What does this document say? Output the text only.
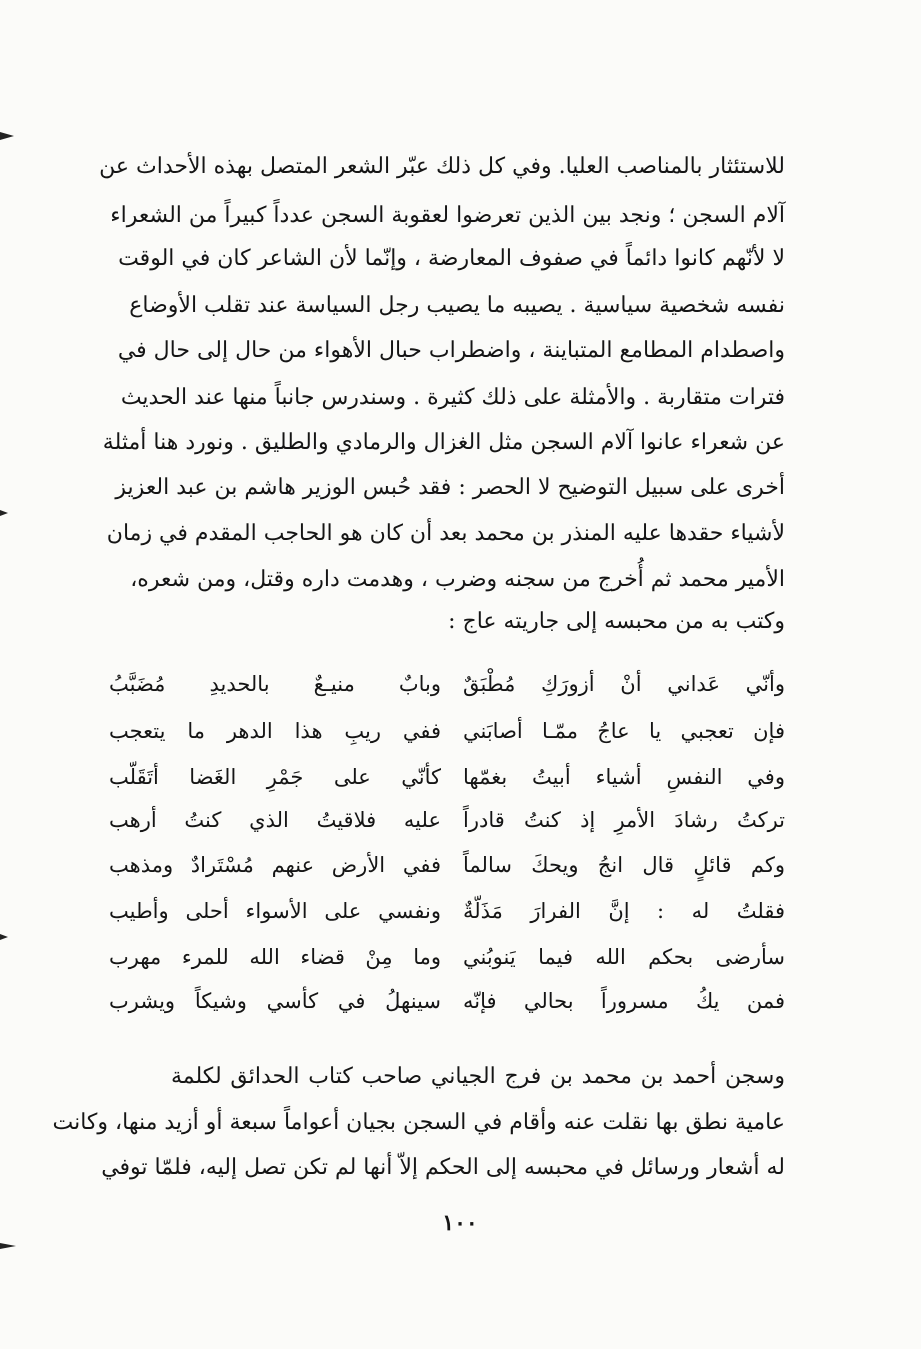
للاستئثار بالمناصب العليا. وفي كل ذلك عبّر الشعر المتصل بهذه الأحداث عن
آلام السجن ؛ ونجد بين الذين تعرضوا لعقوبة السجن عدداً كبيراً من الشعراء
لا لأنّهم كانوا دائماً في صفوف المعارضة ، وإنّما لأن الشاعر كان في الوقت
نفسه شخصية سياسية . يصيبه ما يصيب رجل السياسة عند تقلب الأوضاع
واصطدام المطامع المتباينة ، واضطراب حبال الأهواء من حال إلى حال في
فترات متقاربة . والأمثلة على ذلك كثيرة . وسندرس جانباً منها عند الحديث
عن شعراء عانوا آلام السجن مثل الغزال والرمادي والطليق . ونورد هنا أمثلة
أخرى على سبيل التوضيح لا الحصر : فقد حُبس الوزير هاشم بن عبد العزيز
لأشياء حقدها عليه المنذر بن محمد بعد أن كان هو الحاجب المقدم في زمان
الأمير محمد ثم أُخرج من سجنه وضرب ، وهدمت داره وقتل، ومن شعره،
وكتب به من محبسه إلى جاريته عاج :
وأنّي عَداني أنْ أزورَكِ مُطْبَقٌ
وبابٌ منيـعٌ بالحديدِ مُضَبَّبُ
فإن تعجبي يا عاجُ ممّـا أصابَني
ففي ريبِ هذا الدهر ما يتعجب
وفي النفسِ أشياء أبيتُ بغمّها
كأنّي على جَمْرِ الغَضا أتَقَلّب
تركتُ رشادَ الأمرِ إذ كنتُ قادراً
عليه فلاقيتُ الذي كنتُ أرهب
وكم قائلٍ قال انجُ ويحكَ سالماً
ففي الأرض عنهم مُسْتَرادٌ ومذهب
فقلتُ له : إنَّ الفرارَ مَذَلّةٌ
ونفسي على الأسواء أحلى وأطيب
سأرضى بحكم الله فيما يَنوبُني
وما مِنْ قضاء الله للمرء مهرب
فمن يكُ مسروراً بحالي فإنّه
سينهلُ في كأسي وشيكاً ويشرب
وسجن أحمد بن محمد بن فرج الجياني صاحب كتاب الحدائق لكلمة
عامية نطق بها نقلت عنه وأقام في السجن بجيان أعواماً سبعة أو أزيد منها، وكانت
له أشعار ورسائل في محبسه إلى الحكم إلاّ أنها لم تكن تصل إليه، فلمّا توفي
١٠٠
